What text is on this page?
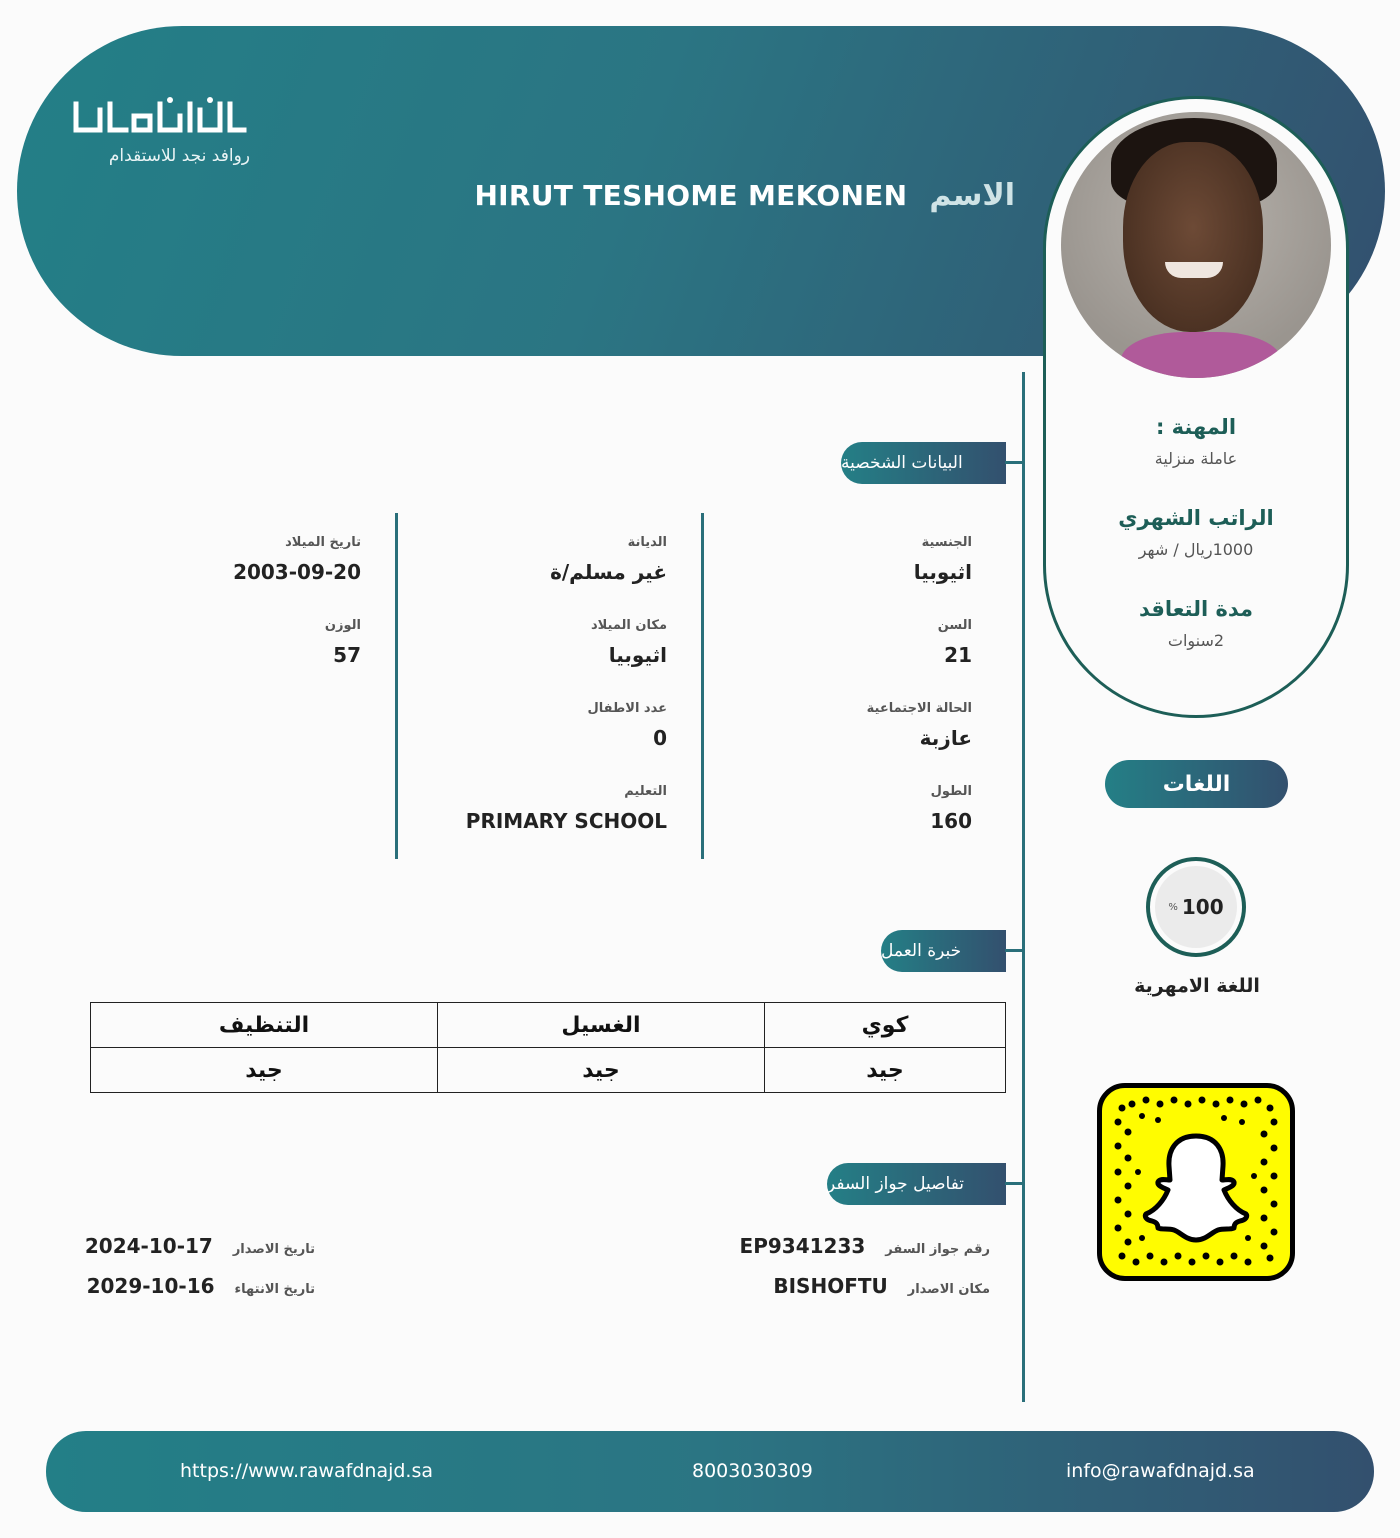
روافد نجد للاستقدام
الاسم
HIRUT TESHOME MEKONEN
المهنة :
عاملة منزلية
الراتب الشهري
1000ريال / شهر
مدة التعاقد
2سنوات
البيانات الشخصية
الجنسية
اثيوبيا
السن
21
الحالة الاجتماعية
عازبة
الطول
160
الديانة
غير مسلم/ة
مكان الميلاد
اثيوبيا
عدد الاطفال
0
التعليم
PRIMARY SCHOOL
تاريخ الميلاد
2003-09-20
الوزن
57
خبرة العمل
كوي	الغسيل	التنظيف
جيد	جيد	جيد
تفاصيل جواز السفر
رقم جواز السفر
EP9341233
مكان الاصدار
BISHOFTU
تاريخ الاصدار
2024-10-17
تاريخ الانتهاء
2029-10-16
اللغات
% 100
اللغة الامهرية
https://www.rawafdnajd.sa	8003030309	info@rawafdnajd.sa
